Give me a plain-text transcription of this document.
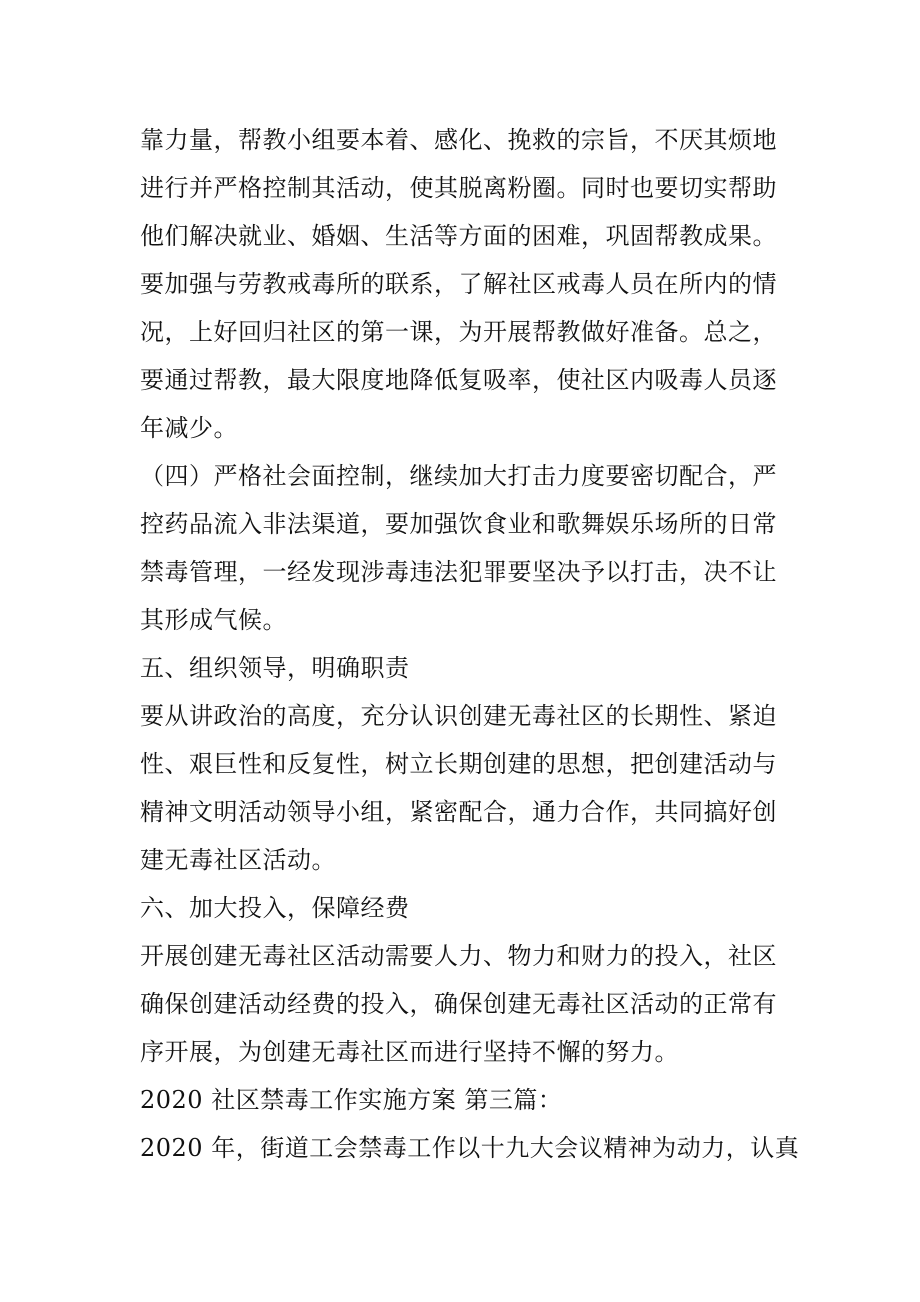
靠力量，帮教小组要本着、感化、挽救的宗旨，不厌其烦地
进行并严格控制其活动，使其脱离粉圈。同时也要切实帮助
他们解决就业、婚姻、生活等方面的困难，巩固帮教成果。
要加强与劳教戒毒所的联系，了解社区戒毒人员在所内的情
况，上好回归社区的第一课，为开展帮教做好准备。总之，
要通过帮教，最大限度地降低复吸率，使社区内吸毒人员逐
年减少。
（四）严格社会面控制，继续加大打击力度要密切配合，严
控药品流入非法渠道，要加强饮食业和歌舞娱乐场所的日常
禁毒管理，一经发现涉毒违法犯罪要坚决予以打击，决不让
其形成气候。
五、组织领导，明确职责
要从讲政治的高度，充分认识创建无毒社区的长期性、紧迫
性、艰巨性和反复性，树立长期创建的思想，把创建活动与
精神文明活动领导小组，紧密配合，通力合作，共同搞好创
建无毒社区活动。
六、加大投入，保障经费
开展创建无毒社区活动需要人力、物力和财力的投入，社区
确保创建活动经费的投入，确保创建无毒社区活动的正常有
序开展，为创建无毒社区而进行坚持不懈的努力。
2020 社区禁毒工作实施方案 第三篇：
2020 年，街道工会禁毒工作以十九大会议精神为动力，认真
